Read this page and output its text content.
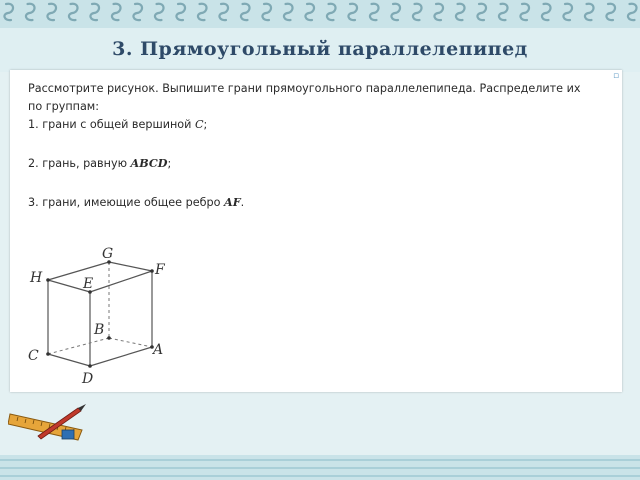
3. Прямоугольный параллелепипед
▫

Рассмотрите рисунок. Выпишите грани прямоугольного параллелепипеда. Распределите их

по группам:

1. грани с общей вершиной C;

2. грань, равную ABCD;

3. грани, имеющие общее ребро AF.

G
F
H	E
B
C	A
D
